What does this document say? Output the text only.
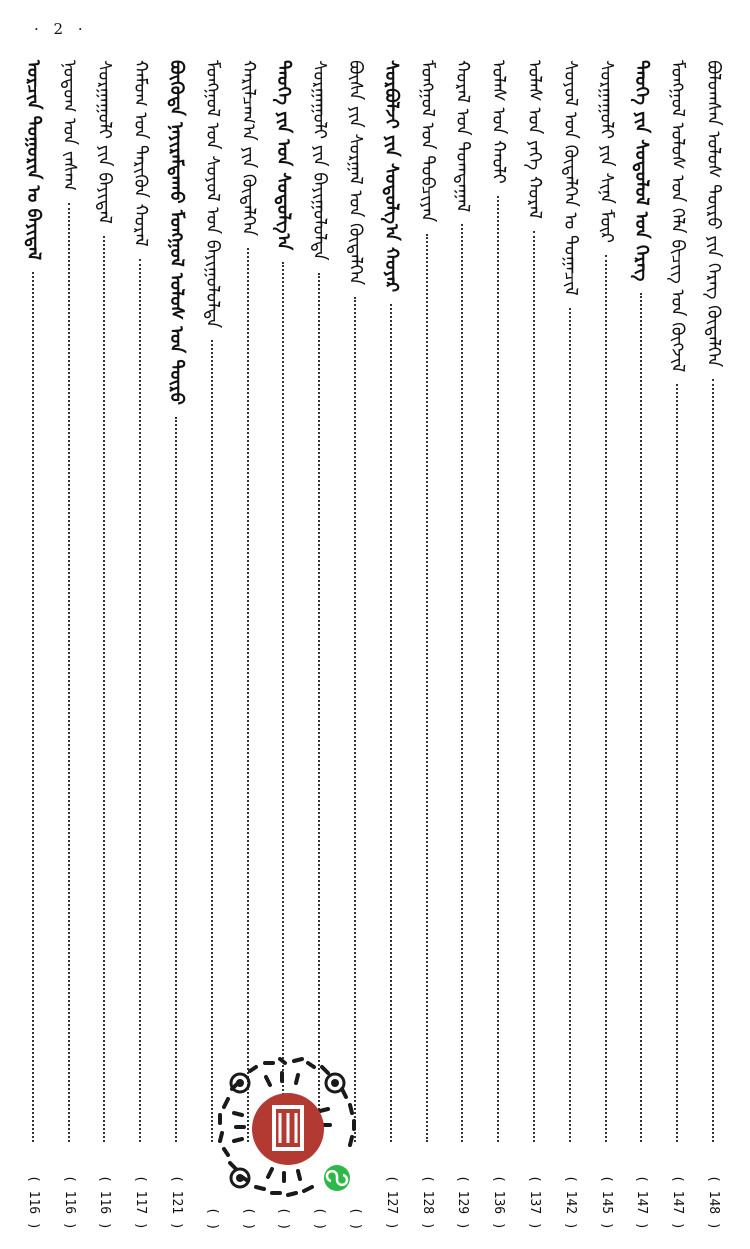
· 2 ·
ᠪᠣᠯᠤᠭᠰᠠᠨ ᠤᠯᠤᠰ ᠲᠦᠷᠦ ᠶᠢᠨ ᠬᠡᠷᠡᠭ ᠬᠥᠳᠡᠯᠭᠡᠨ
( 148 )
ᠮᠣᠩᠭᠣᠯ ᠤᠯᠤᠰ ᠤᠨ ᠬᠡᠯᠡ ᠪᠢᠴᠢᠭ ᠤᠨ ᠬᠥᠭᠵᠢᠯ
( 147 )
ᠲᠡᠦᠬᠡ ᠶᠢᠨ ᠰᠤᠳᠤᠯᠤᠯ ᠤᠨ ᠬᠡᠷᠡᠭ
( 147 )
ᠰᠤᠷᠭᠠᠭᠤᠯᠢ ᠶᠢᠨ ᠰᠢᠨᠡ ᠮᠥᠷ
( 145 )
ᠰᠣᠶᠤᠯ ᠤᠨ ᠬᠥᠳᠡᠯᠭᠡᠨ ᠤ ᠲᠣᠭᠠᠴᠢᠯ
( 142 )
ᠤᠯᠠᠰ ᠤᠨ ᠶᠡᠬᠡ ᠬᠤᠷᠠᠯ
( 137 )
ᠤᠯᠠᠰ ᠤᠨ ᠬᠠᠤᠯᠢ
( 136 )
ᠬᠤᠷᠠᠯ ᠤᠨ ᠲᠣᠭᠲᠠᠭᠠᠯ
( 129 )
ᠮᠣᠩᠭᠣᠯ ᠤᠨ ᠲᠣᠪᠴᠢᠶᠠᠨ
( 128 )
ᠰᠤᠷᠪᠤᠯᠵᠢ ᠶᠢᠨ ᠰᠤᠳᠤᠯᠭ᠎ᠠ ᠬᠣᠶᠠᠷ
( 127 )
ᠪᠦᠰᠡ ᠶᠢᠨ ᠰᠤᠷᠭᠠᠯ ᠤᠨ ᠬᠥᠳᠡᠯᠭᠡᠨ
( )
ᠰᠤᠷᠭᠠᠭᠤᠯᠢ ᠶᠢᠨ ᠪᠠᠶᠢᠭᠤᠯᠤᠯᠲᠠ
( )
ᠲᠡᠦᠬᠡ ᠶᠢᠨ ᠤᠨ ᠰᠤᠳᠤᠯᠭ᠎ᠠ
( )
ᠬᠠᠷᠢᠯᠴᠠᠭ᠎ᠠ ᠶᠢᠨ ᠬᠥᠳᠡᠯᠭᠡᠨ
( )
ᠮᠣᠩᠭᠣᠯ ᠤᠨ ᠰᠣᠶᠤᠯ ᠤᠨ ᠪᠠᠶᠢᠭᠤᠯᠤᠯᠲᠠ
( )
ᠪᠦᠭᠦᠳᠡ ᠨᠠᠶᠢᠷᠠᠮᠳᠠᠬᠤ ᠮᠣᠩᠭᠣᠯ ᠤᠯᠤᠰ ᠤᠨ ᠲᠦᠷᠦ
( 121 )
ᠬᠠᠮᠤᠭ ᠤᠨ ᠲᠡᠷᠢᠭᠦᠨ ᠬᠤᠷᠠᠯ
( 117 )
ᠰᠤᠷᠭᠠᠭᠤᠯᠢ ᠶᠢᠨ ᠪᠠᠶᠢᠳᠠᠯ
( 116 )
ᠨᠤᠲᠤᠭ ᠤᠨ ᠵᠠᠰᠠᠭ
( 116 )
ᠣᠷᠴᠢᠨ ᠲᠣᠭᠣᠷᠢᠨ ᠤ ᠪᠠᠶᠢᠳᠠᠯ
( 116 )
